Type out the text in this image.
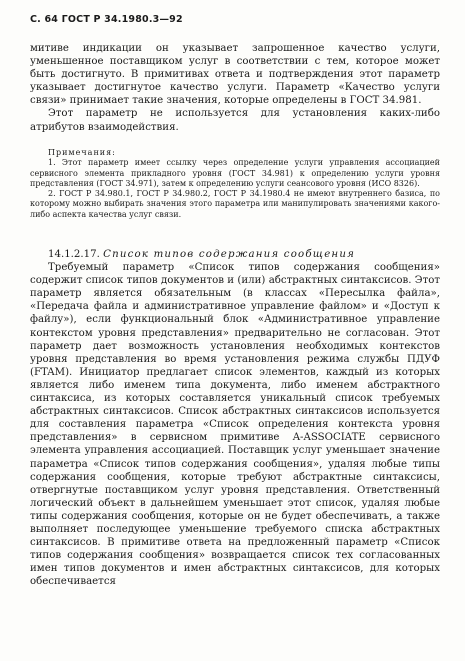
С. 64 ГОСТ Р 34.1980.3—92

митиве индикации он указывает запрошенное качество услуги, уменьшенное поставщиком услуг в соответствии с тем, которое может быть достигнуто. В примитивах ответа и подтверждения этот параметр указывает достигнутое качество услуги. Параметр «Качество услуги связи» принимает такие значения, которые определены в ГОСТ 34.981.

Этот параметр не используется для установления каких-либо атрибутов взаимодействия.

Примечания:

1. Этот параметр имеет ссылку через определение услуги управления ассоциацией сервисного элемента прикладного уровня (ГОСТ 34.981) к определению услуги уровня представления (ГОСТ 34.971), затем к определению услуги сеансового уровня (ИСО 8326).

2. ГОСТ Р 34.980.1, ГОСТ Р 34.980.2, ГОСТ Р 34.1980.4 не имеют внутреннего базиса, по которому можно выбирать значения этого параметра или манипулировать значениями какого-либо аспекта качества услуг связи.

14.1.2.17. Список типов содержания сообщения

Требуемый параметр «Список типов содержания сообщения» содержит список типов документов и (или) абстрактных синтаксисов. Этот параметр является обязательным (в классах «Пересылка файла», «Передача файла и административное управление файлом» и «Доступ к файлу»), если функциональный блок «Административное управление контекстом уровня представления» предварительно не согласован. Этот параметр дает возможность установления необходимых контекстов уровня представления во время установления режима службы ПДУФ (FTAM). Инициатор предлагает список элементов, каждый из которых является либо именем типа документа, либо именем абстрактного синтаксиса, из которых составляется уникальный список требуемых абстрактных синтаксисов. Список абстрактных синтаксисов используется для составления параметра «Список определения контекста уровня представления» в сервисном примитиве A-ASSOCIATE сервисного элемента управления ассоциацией. Поставщик услуг уменьшает значение параметра «Список типов содержания сообщения», удаляя любые типы содержания сообщения, которые требуют абстрактные синтаксисы, отвергнутые поставщиком услуг уровня представления. Ответственный логический объект в дальнейшем уменьшает этот список, удаляя любые типы содержания сообщения, которые он не будет обеспечивать, а также выполняет последующее уменьшение требуемого списка абстрактных синтаксисов. В примитиве ответа на предложенный параметр «Список типов содержания сообщения» возвращается список тех согласованных имен типов документов и имен абстрактных синтаксисов, для которых обеспечивается
